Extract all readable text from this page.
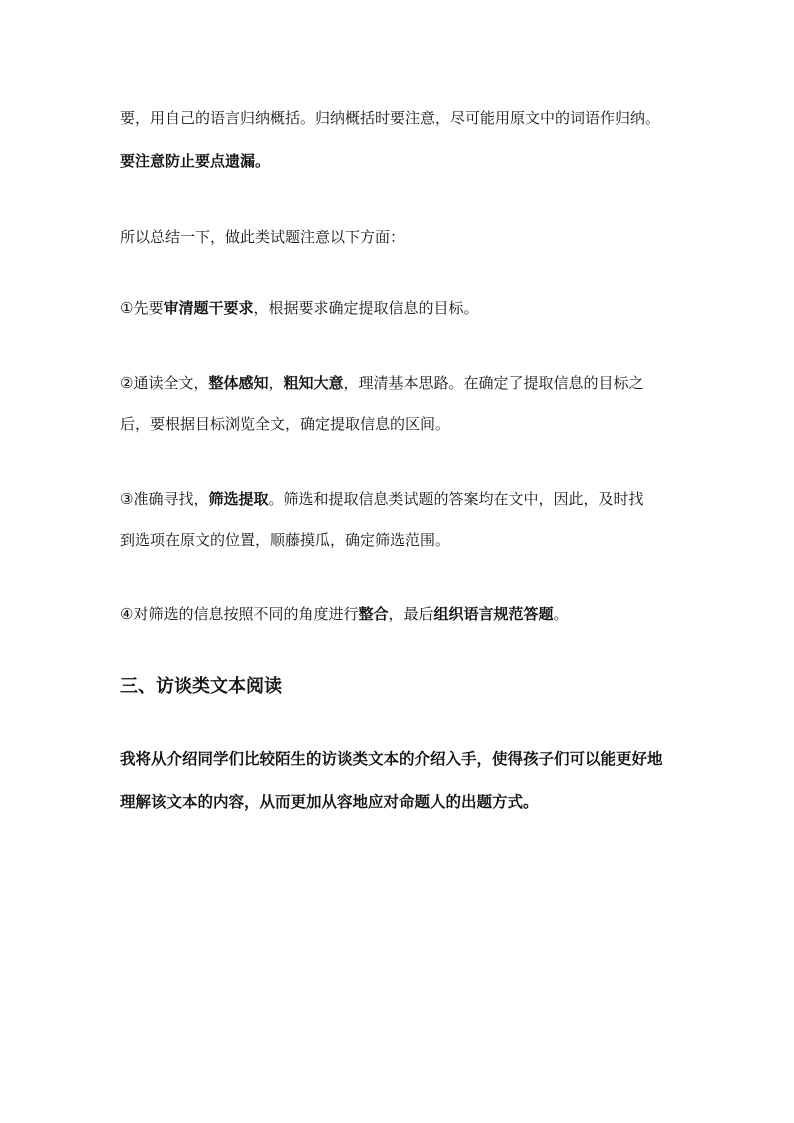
要，用自己的语言归纳概括。归纳概括时要注意，尽可能用原文中的词语作归纳。
要注意防止要点遗漏。
所以总结一下，做此类试题注意以下方面：
①先要审清题干要求，根据要求确定提取信息的目标。
②通读全文，整体感知，粗知大意，理清基本思路。在确定了提取信息的目标之
后，要根据目标浏览全文，确定提取信息的区间。
③准确寻找，筛选提取。筛选和提取信息类试题的答案均在文中，因此，及时找
到选项在原文的位置，顺藤摸瓜，确定筛选范围。
④对筛选的信息按照不同的角度进行整合，最后组织语言规范答题。
三、访谈类文本阅读
我将从介绍同学们比较陌生的访谈类文本的介绍入手，使得孩子们可以能更好地
理解该文本的内容，从而更加从容地应对命题人的出题方式。
